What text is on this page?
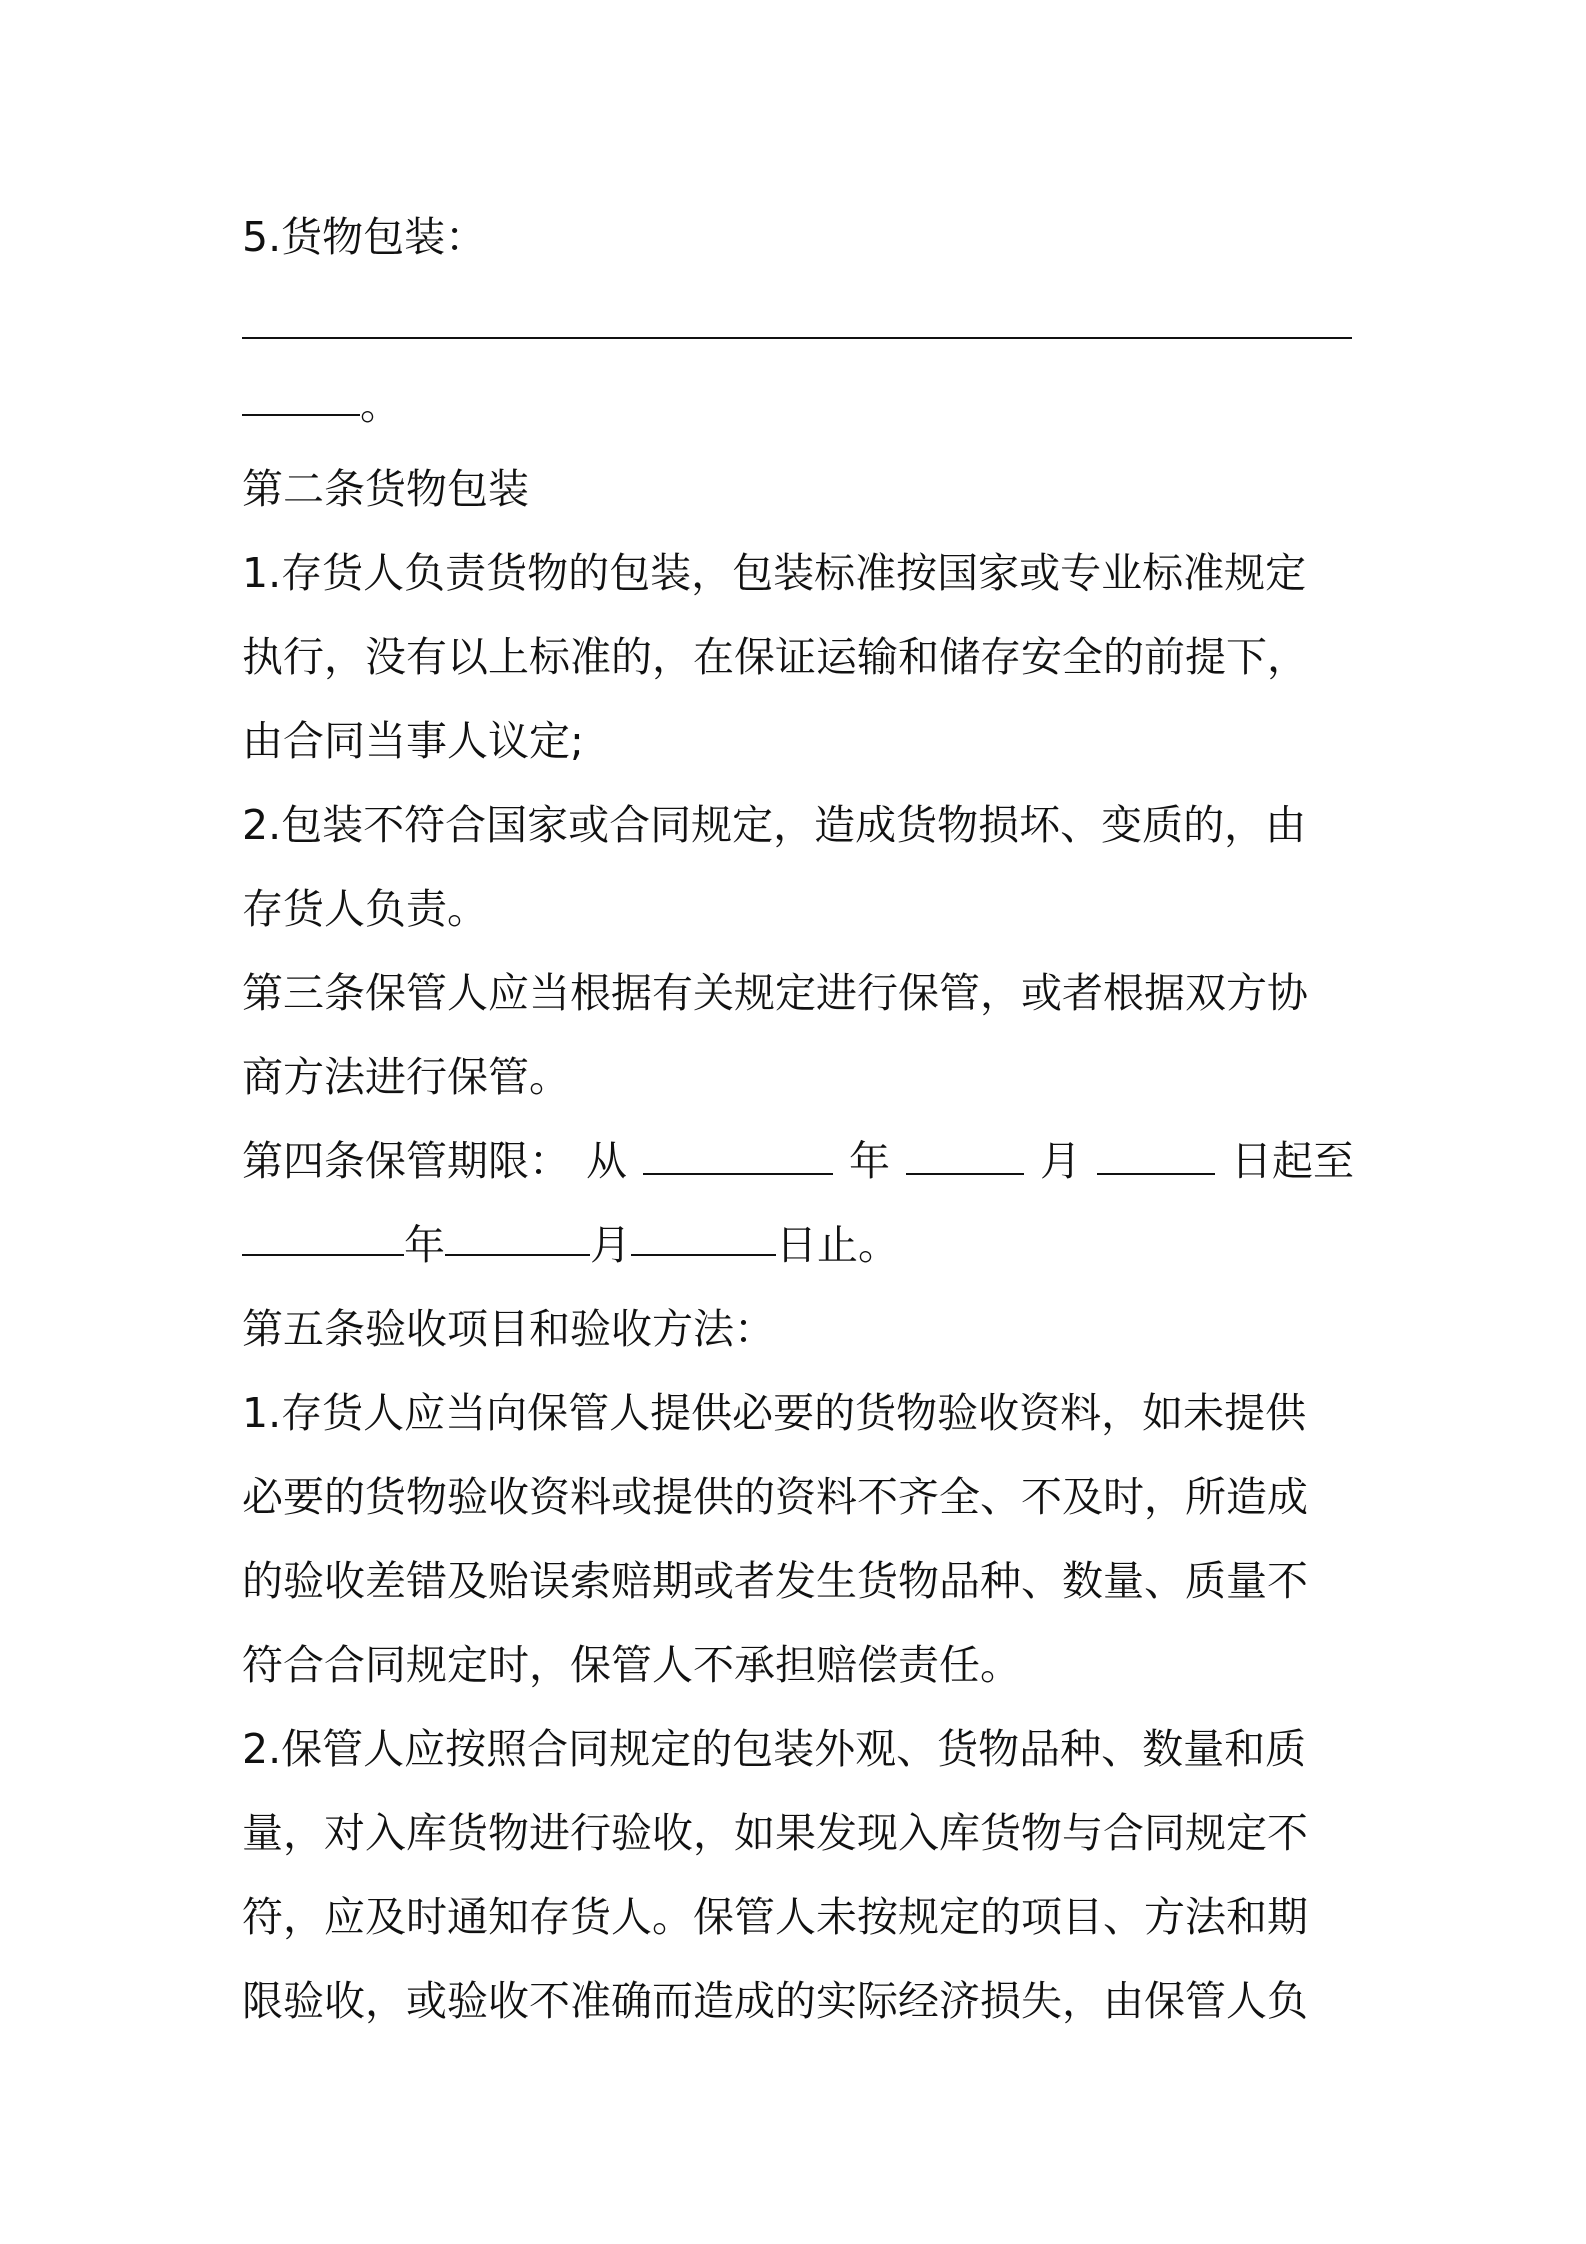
5.货物包装：
。
第二条货物包装
1.存货人负责货物的包装，包装标准按国家或专业标准规定
执行，没有以上标准的，在保证运输和储存安全的前提下，
由合同当事人议定;
2.包装不符合国家或合同规定，造成货物损坏、变质的，由
存货人负责。
第三条保管人应当根据有关规定进行保管，或者根据双方协
商方法进行保管。
第四条保管期限： 从	年	月	日起至
年	月	日止。
第五条验收项目和验收方法：
1.存货人应当向保管人提供必要的货物验收资料，如未提供
必要的货物验收资料或提供的资料不齐全、不及时，所造成
的验收差错及贻误索赔期或者发生货物品种、数量、质量不
符合合同规定时，保管人不承担赔偿责任。
2.保管人应按照合同规定的包装外观、货物品种、数量和质
量，对入库货物进行验收，如果发现入库货物与合同规定不
符，应及时通知存货人。保管人未按规定的项目、方法和期
限验收，或验收不准确而造成的实际经济损失，由保管人负
